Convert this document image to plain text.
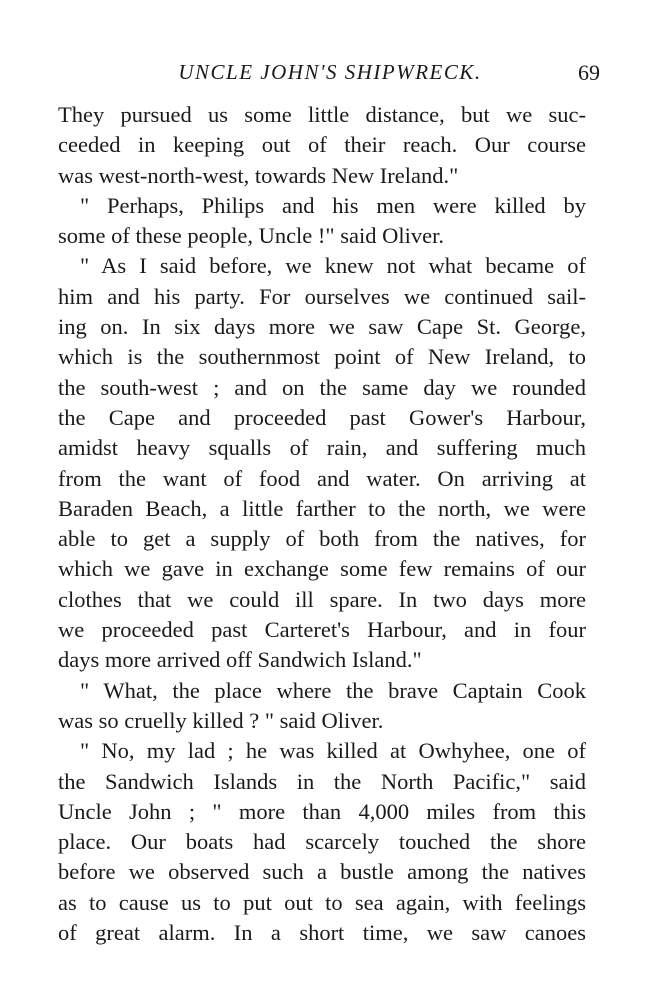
UNCLE JOHN'S SHIPWRECK.	69
They pursued us some little distance, but we suc-
ceeded in keeping out of their reach. Our course
was west-north-west, towards New Ireland."
" Perhaps, Philips and his men were killed by
some of these people, Uncle !" said Oliver.
" As I said before, we knew not what became of
him and his party. For ourselves we continued sail-
ing on. In six days more we saw Cape St. George,
which is the southernmost point of New Ireland, to
the south-west ; and on the same day we rounded
the Cape and proceeded past Gower's Harbour,
amidst heavy squalls of rain, and suffering much
from the want of food and water. On arriving at
Baraden Beach, a little farther to the north, we were
able to get a supply of both from the natives, for
which we gave in exchange some few remains of our
clothes that we could ill spare. In two days more
we proceeded past Carteret's Harbour, and in four
days more arrived off Sandwich Island."
" What, the place where the brave Captain Cook
was so cruelly killed ? " said Oliver.
" No, my lad ; he was killed at Owhyhee, one of
the Sandwich Islands in the North Pacific," said
Uncle John ; " more than 4,000 miles from this
place. Our boats had scarcely touched the shore
before we observed such a bustle among the natives
as to cause us to put out to sea again, with feelings
of great alarm. In a short time, we saw canoes
